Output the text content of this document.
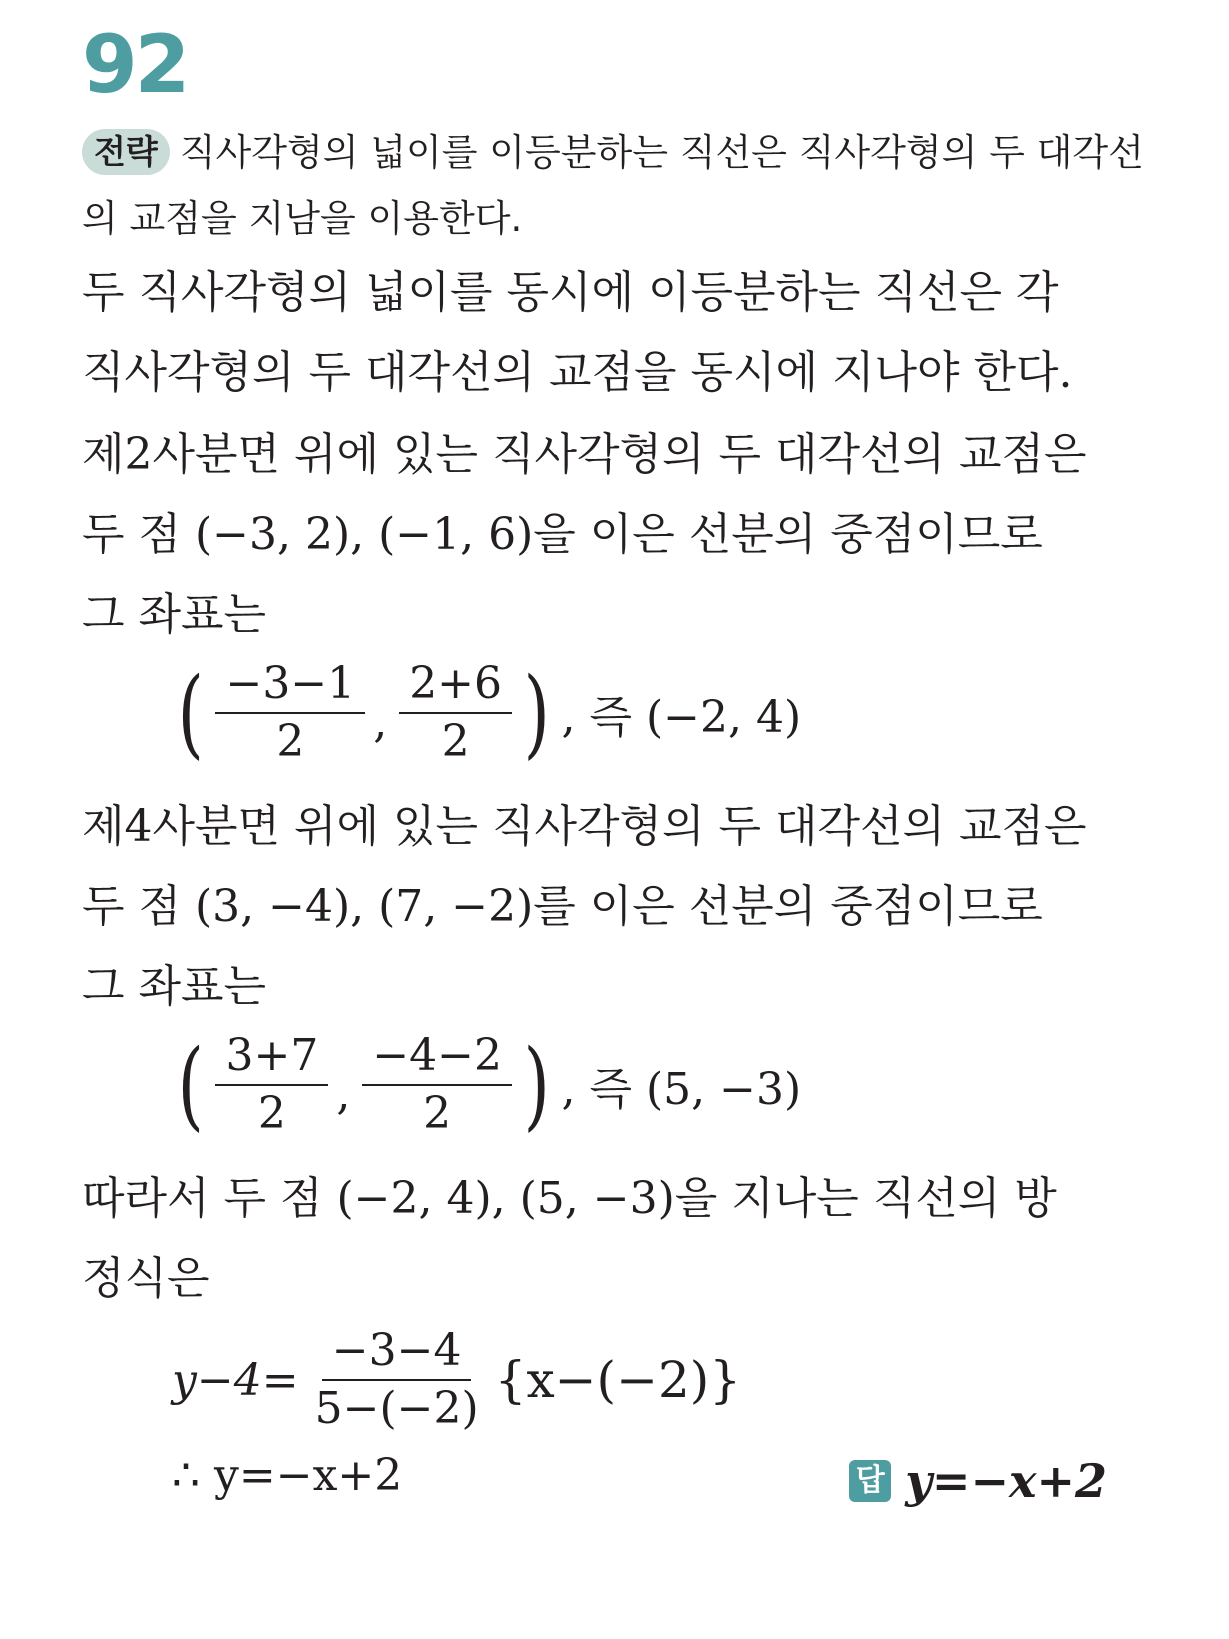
92
전략 직사각형의 넓이를 이등분하는 직선은 직사각형의 두 대각선의 교점을 지남을 이용한다.
두 직사각형의 넓이를 동시에 이등분하는 직선은 각
직사각형의 두 대각선의 교점을 동시에 지나야 한다.
제2사분면 위에 있는 직사각형의 두 대각선의 교점은
두 점 (−3, 2), (−1, 6)을 이은 선분의 중점이므로
그 좌표는
( $\frac{-3-1}{2}$ , $\frac{2+6}{2}$ ) , 즉 (−2, 4)
제4사분면 위에 있는 직사각형의 두 대각선의 교점은
두 점 (3, −4), (7, −2)를 이은 선분의 중점이므로
그 좌표는
( $\frac{3+7}{2}$ , $\frac{-4-2}{2}$ ) , 즉 (5, −3)
따라서 두 점 (−2, 4), (5, −3)을 지나는 직선의 방
정식은
$y-4= \frac{-3-4}{5-(-2)} \{x-(-2)\}$
∴ y=−x+2	답 y=−x+2
